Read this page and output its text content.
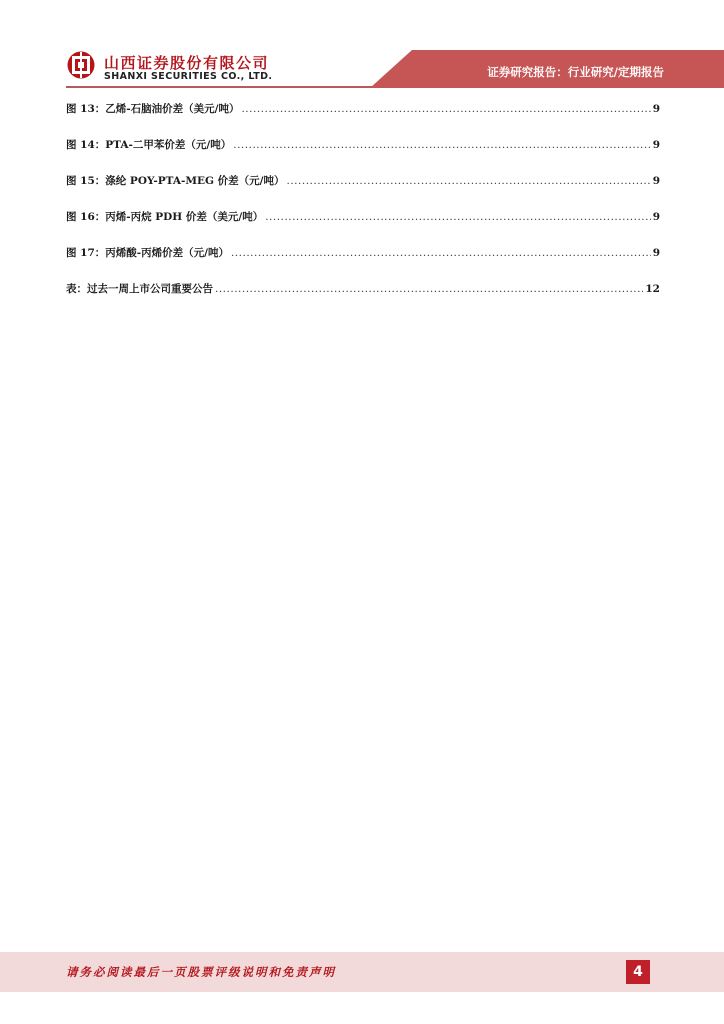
山西证券股份有限公司
SHANXI SECURITIES CO., LTD.	证券研究报告：行业研究/定期报告
图 13：乙烯-石脑油价差（美元/吨） .....	9
图 14：PTA-二甲苯价差（元/吨） .....	9
图 15：涤纶 POY-PTA-MEG 价差（元/吨） .....	9
图 16：丙烯-丙烷 PDH 价差（美元/吨） .....	9
图 17：丙烯酸-丙烯价差（元/吨） .....	9
表：过去一周上市公司重要公告 .....	12
请务必阅读最后一页股票评级说明和免责声明	4
